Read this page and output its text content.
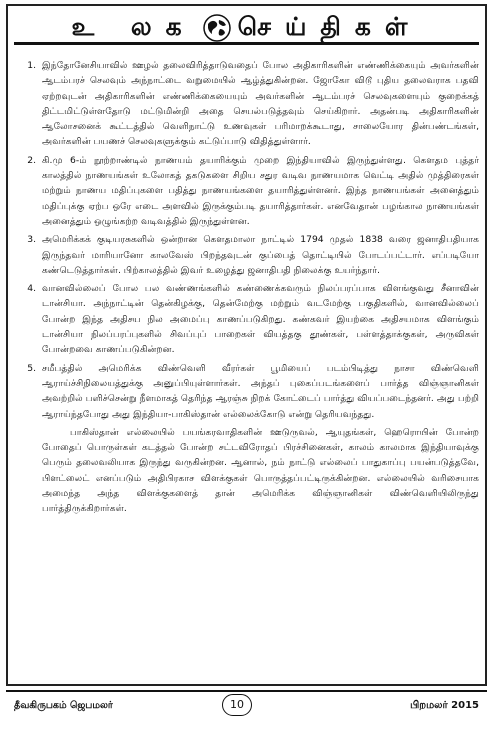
உ லக செய்திகள்
1. இந்தோனேசியாவில் ஊழல் தலைவிரித்தாடுவதைப் போல அதிகாரிகளின் எண்ணிக்கையும் அவர்களின் ஆடம்பரச் செலவும் அந்நாட்டை வறுமையில் ஆழ்த்துகின்றன. ஜோகோ விடூ புதிய தலைவராக பதவி ஏற்றவுடன் அதிகாரிகளின் எண்ணிக்கையையும் அவர்களின் ஆடம்பரச் செலவுகளையும் குறைக்கத் திட்டமிட்டுள்ளதோடு மட்டுமின்றி அதை செயல்படுத்தவும் செய்கிறார். அதன்படி அதிகாரிகளின் ஆலோசனைக் கூட்டத்தில் வெளிநாட்டு உணவுகள் பரிமாறக்கூடாது, சாலையோர தின்பண்டங்கள், அவர்களின் பயணச் செலவுகளுக்கும் கட்டுப்பாடு விதித்துள்ளார்.
2. கி.மு 6-ம் நூற்றாண்டில் நாணயம் தயாரிக்கும் முறை இந்தியாவில் இருந்துள்ளது. கௌதம புத்தர் காலத்தில் நாணயங்கள் உலோகத் தகடுகளை சிறிய சதுர வடிவ நாணயமாக வெட்டி அதில் முத்திரைகள் மற்றும் நாணய மதிப்புகளை பதித்து நாணயங்களை தயாரித்துள்ளனர். இந்த நாணயங்கள் அனைத்தும் மதிப்புக்கு ஏற்ப ஒரே எடை அளவில் இருக்கும்படி தயாரித்தார்கள். எனவேதான் பழங்கால நாணயங்கள் அனைத்தும் ஒழுங்கற்ற வடிவத்தில் இருந்துள்ளன.
3. அமெரிக்கக் குடியரசுகளில் ஒன்றான கௌதமாலா நாட்டில் 1794 முதல் 1838 வரை ஜனாதிபதியாக இருந்தவர் மாரியானோ காலவேஸ் பிறந்தவுடன் குப்பைத் தொட்டியில் போடப்பட்டார். எப்படியோ கண்டெடுத்தார்கள். பிற்காலத்தில் இவர் உழைத்து ஜனாதிபதி நிலைக்கு உயர்ந்தார்.
4. வானவில்லைப் போல பல வண்ணங்களில் கண்ணைக்கவரும் நிலப்பரப்பாக விளங்குவது சீனாவின் டான்சியா. அந்நாட்டின் தென்கிழக்கு, தென்மேற்கு மற்றும் வடமேற்கு பகுதிகளில், வானவில்லைப் போன்ற இந்த அதிசய நில அமைப்பு காணப்படுகிறது. கண்கவர் இயற்கை அதிசயமாக விளங்கும் டான்சியா நிலப்பரப்புகளில் சிவப்புப் பாறைகள் வியத்தகு தூண்கள், பள்ளத்தாக்குகள், அருவிகள் போன்றவை காணப்படுகின்றன.
5. சமீபத்தில் அமெரிக்க விண்வெளி வீரர்கள் பூமியைப் படம்பிடித்து நாசா விண்வெளி ஆராய்ச்சிநிலையத்துக்கு அனுப்பியுள்ளார்கள். அந்தப் புகைப்படங்களைப் பார்த்த விஞ்ஞானிகள் அவற்றில் பளிச்சென்று நீளமாகத் தெரிந்த ஆரஞ்சு நிறக் கோட்டைப் பார்த்து வியப்படைந்தனர். அது பற்றி ஆராய்ந்தபோது அது இந்தியா-பாகிஸ்தான் எல்லைக்கோடு என்று தெரியவந்தது.
பாகிஸ்தான் எல்லையில் பயங்கரவாதிகளின் ஊடுருவல், ஆயுதங்கள், ஹெரொயின் போன்ற போதைப் பொருள்கள் கடத்தல் போன்ற சட்டவிரோதப் பிரச்சினைகள், காலம் காலமாக இந்தியாவுக்கு பெரும் தலைவலியாக இருந்து வருகின்றன. ஆனால், நம் நாட்டு எல்லைப் பாதுகாப்பு பயன்படுத்தவே, பிளட்லைட் எனப்படும் அதிபிரகாச விளக்குகள் பொருத்தப்பட்டிருக்கின்றன. எல்லையில் வரிசையாக அமைந்த அந்த விளக்குகளைத் தான் அமெரிக்க விஞ்ஞானிகள் விண்வெளியிலிருந்து பார்த்திருக்கிறார்கள்.
தீவகிருபகம் ஜெபமலர்	10	பிறமலர் 2015
